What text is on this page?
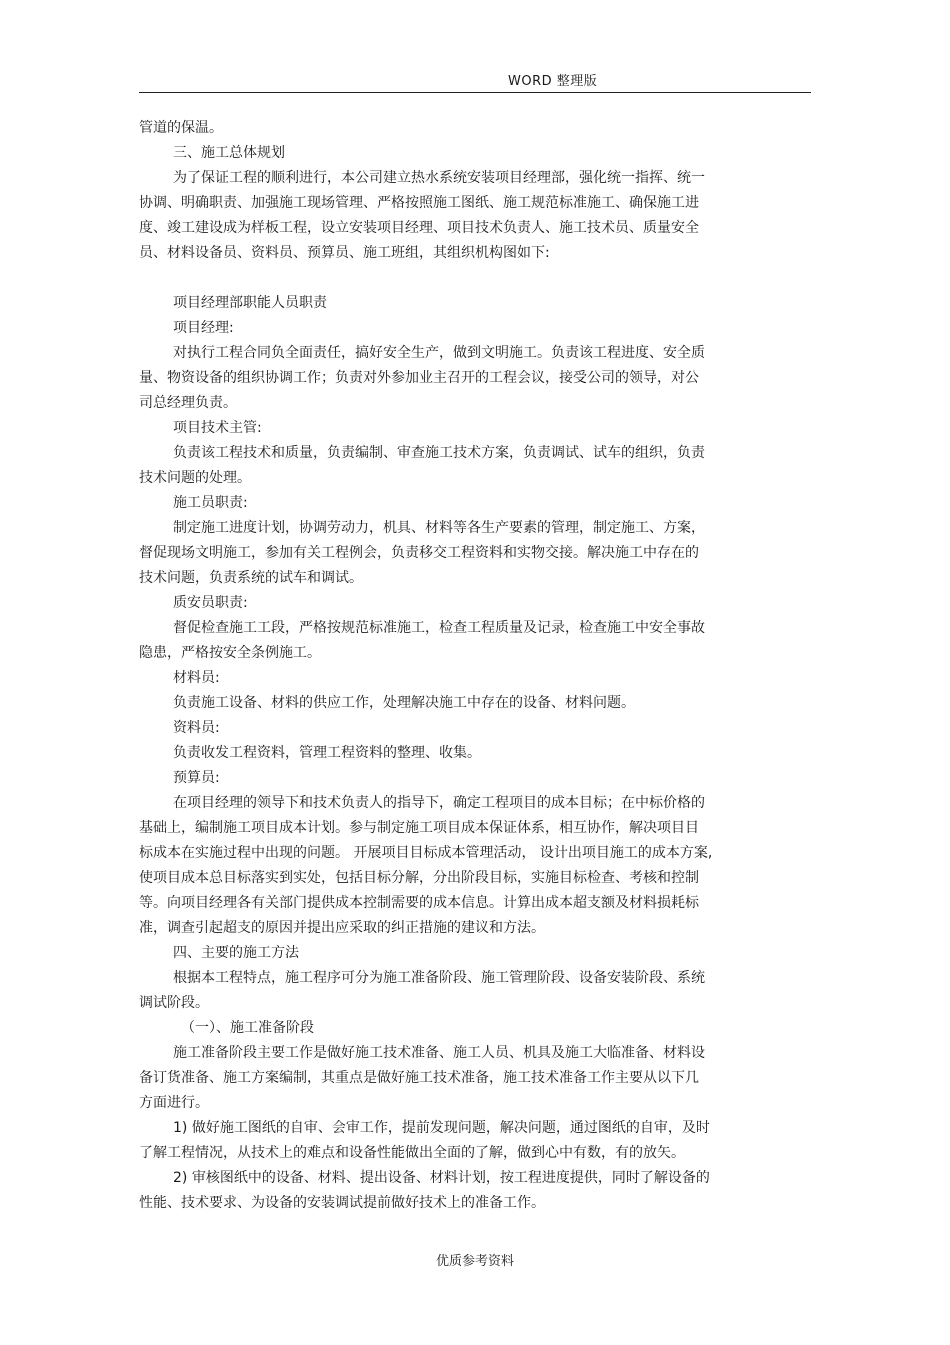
WORD 整理版
管道的保温。
三、施工总体规划
为了保证工程的顺利进行，本公司建立热水系统安装项目经理部，强化统一指挥、统一
协调、明确职责、加强施工现场管理、严格按照施工图纸、施工规范标准施工、确保施工进
度、竣工建设成为样板工程，设立安装项目经理、项目技术负责人、施工技术员、质量安全
员、材料设备员、资料员、预算员、施工班组，其组织机构图如下:
项目经理部职能人员职责
项目经理:
对执行工程合同负全面责任，搞好安全生产，做到文明施工。负责该工程进度、安全质
量、物资设备的组织协调工作；负责对外参加业主召开的工程会议，接受公司的领导，对公
司总经理负责。
项目技术主管:
负责该工程技术和质量，负责编制、审查施工技术方案，负责调试、试车的组织，负责
技术问题的处理。
施工员职责:
制定施工进度计划，协调劳动力，机具、材料等各生产要素的管理，制定施工、方案，
督促现场文明施工，参加有关工程例会，负责移交工程资料和实物交接。解决施工中存在的
技术问题，负责系统的试车和调试。
质安员职责:
督促检查施工工段，严格按规范标准施工，检查工程质量及记录，检查施工中安全事故
隐患，严格按安全条例施工。
材料员:
负责施工设备、材料的供应工作，处理解决施工中存在的设备、材料问题。
资料员:
负责收发工程资料，管理工程资料的整理、收集。
预算员:
在项目经理的领导下和技术负责人的指导下，确定工程项目的成本目标；在中标价格的
基础上，编制施工项目成本计划。参与制定施工项目成本保证体系，相互协作，解决项目目
标成本在实施过程中出现的问题。 开展项目目标成本管理活动， 设计出项目施工的成本方案,
使项目成本总目标落实到实处，包括目标分解，分出阶段目标，实施目标检查、考核和控制
等。向项目经理各有关部门提供成本控制需要的成本信息。计算出成本超支额及材料损耗标
准，调查引起超支的原因并提出应采取的纠正措施的建议和方法。
四、主要的施工方法
根据本工程特点，施工程序可分为施工准备阶段、施工管理阶段、设备安装阶段、系统
调试阶段。
（一）、施工准备阶段
施工准备阶段主要工作是做好施工技术准备、施工人员、机具及施工大临准备、材料设
备订货准备、施工方案编制，其重点是做好施工技术准备，施工技术准备工作主要从以下几
方面进行。
1) 做好施工图纸的自审、会审工作，提前发现问题，解决问题，通过图纸的自审，及时
了解工程情况，从技术上的难点和设备性能做出全面的了解，做到心中有数，有的放矢。
2) 审核图纸中的设备、材料、提出设备、材料计划，按工程进度提供，同时了解设备的
性能、技术要求、为设备的安装调试提前做好技术上的准备工作。
优质参考资料
